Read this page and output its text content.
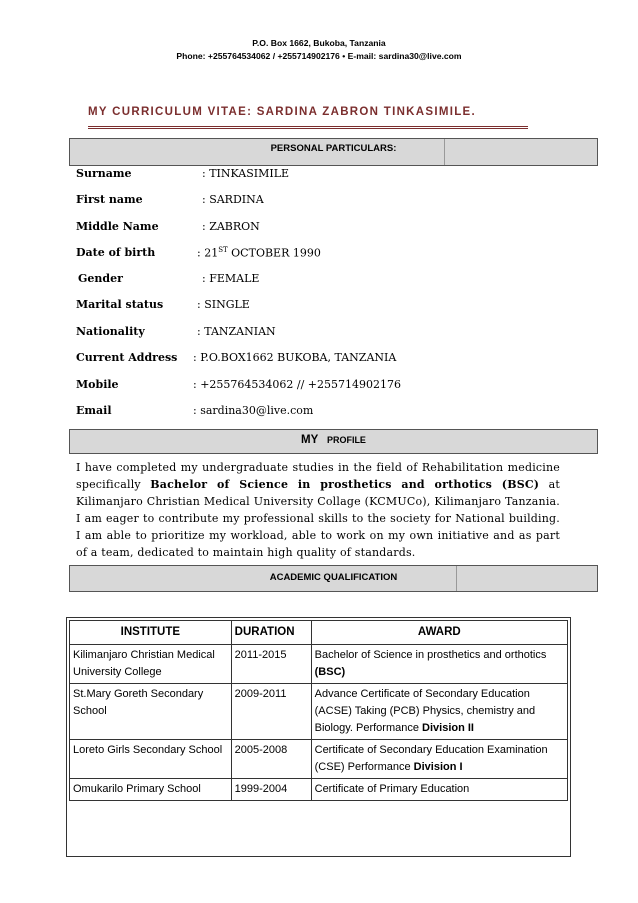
P.O. Box 1662, Bukoba, Tanzania
Phone: +255764534062 / +255714902176 • E-mail: sardina30@live.com
MY CURRICULUM VITAE: SARDINA ZABRON TINKASIMILE.
PERSONAL PARTICULARS:
Surname	: TINKASIMILE
First name	: SARDINA
Middle Name	: ZABRON
Date of birth	: 21ST OCTOBER 1990
Gender	: FEMALE
Marital status	: SINGLE
Nationality	: TANZANIAN
Current Address : P.O.BOX1662 BUKOBA, TANZANIA
Mobile	: +255764534062 // +255714902176
Email	: sardina30@live.com
MY PROFILE
I have completed my undergraduate studies in the field of Rehabilitation medicine specifically Bachelor of Science in prosthetics and orthotics (BSC) at Kilimanjaro Christian Medical University Collage (KCMUCo), Kilimanjaro Tanzania. I am eager to contribute my professional skills to the society for National building. I am able to prioritize my workload, able to work on my own initiative and as part of a team, dedicated to maintain high quality of standards.
ACADEMIC QUALIFICATION
INSTITUTE	DURATION	AWARD
Kilimanjaro Christian Medical University College	2011-2015	Bachelor of Science in prosthetics and orthotics (BSC)
St.Mary Goreth Secondary School	2009-2011	Advance Certificate of Secondary Education (ACSE) Taking (PCB) Physics, chemistry and Biology. Performance Division II
Loreto Girls Secondary School	2005-2008	Certificate of Secondary Education Examination (CSE) Performance Division I
Omukarilo Primary School	1999-2004	Certificate of Primary Education
